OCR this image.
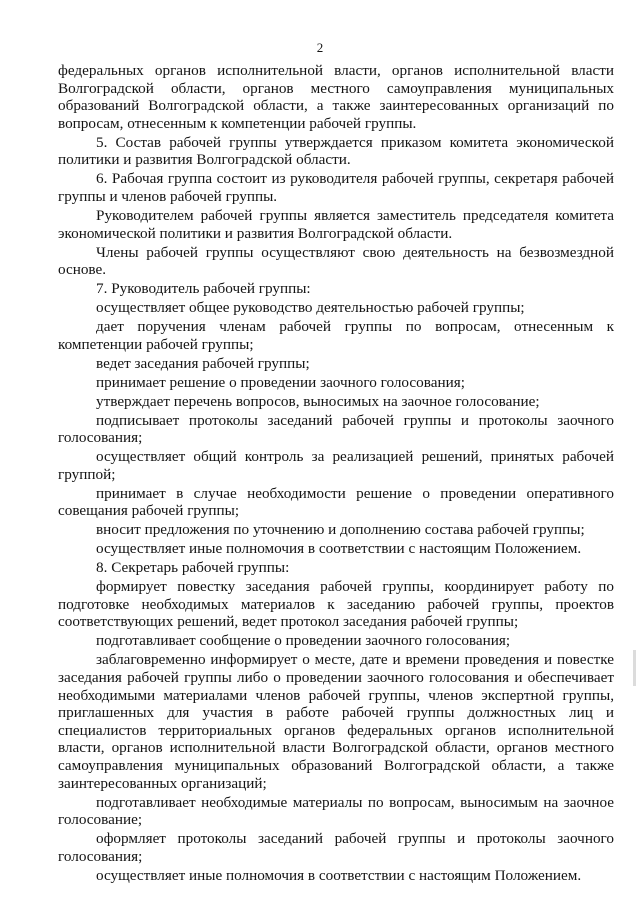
2

федеральных органов исполнительной власти, органов исполнительной власти Волгоградской области, органов местного самоуправления муниципальных образований Волгоградской области, а также заинтересованных организаций по вопросам, отнесенным к компетенции рабочей группы.

5. Состав рабочей группы утверждается приказом комитета экономической политики и развития Волгоградской области.

6. Рабочая группа состоит из руководителя рабочей группы, секретаря рабочей группы и членов рабочей группы.

Руководителем рабочей группы является заместитель председателя комитета экономической политики и развития Волгоградской области.

Члены рабочей группы осуществляют свою деятельность на безвозмездной основе.

7. Руководитель рабочей группы:

осуществляет общее руководство деятельностью рабочей группы;

дает поручения членам рабочей группы по вопросам, отнесенным к компетенции рабочей группы;

ведет заседания рабочей группы;

принимает решение о проведении заочного голосования;

утверждает перечень вопросов, выносимых на заочное голосование;

подписывает протоколы заседаний рабочей группы и протоколы заочного голосования;

осуществляет общий контроль за реализацией решений, принятых рабочей группой;

принимает в случае необходимости решение о проведении оперативного совещания рабочей группы;

вносит предложения по уточнению и дополнению состава рабочей группы;

осуществляет иные полномочия в соответствии с настоящим Положением.

8. Секретарь рабочей группы:

формирует повестку заседания рабочей группы, координирует работу по подготовке необходимых материалов к заседанию рабочей группы, проектов соответствующих решений, ведет протокол заседания рабочей группы;

подготавливает сообщение о проведении заочного голосования;

заблаговременно информирует о месте, дате и времени проведения и повестке заседания рабочей группы либо о проведении заочного голосования и обеспечивает необходимыми материалами членов рабочей группы, членов экспертной группы, приглашенных для участия в работе рабочей группы должностных лиц и специалистов территориальных органов федеральных органов исполнительной власти, органов исполнительной власти Волгоградской области, органов местного самоуправления муниципальных образований Волгоградской области, а также заинтересованных организаций;

подготавливает необходимые материалы по вопросам, выносимым на заочное голосование;

оформляет протоколы заседаний рабочей группы и протоколы заочного голосования;

осуществляет иные полномочия в соответствии с настоящим Положением.
